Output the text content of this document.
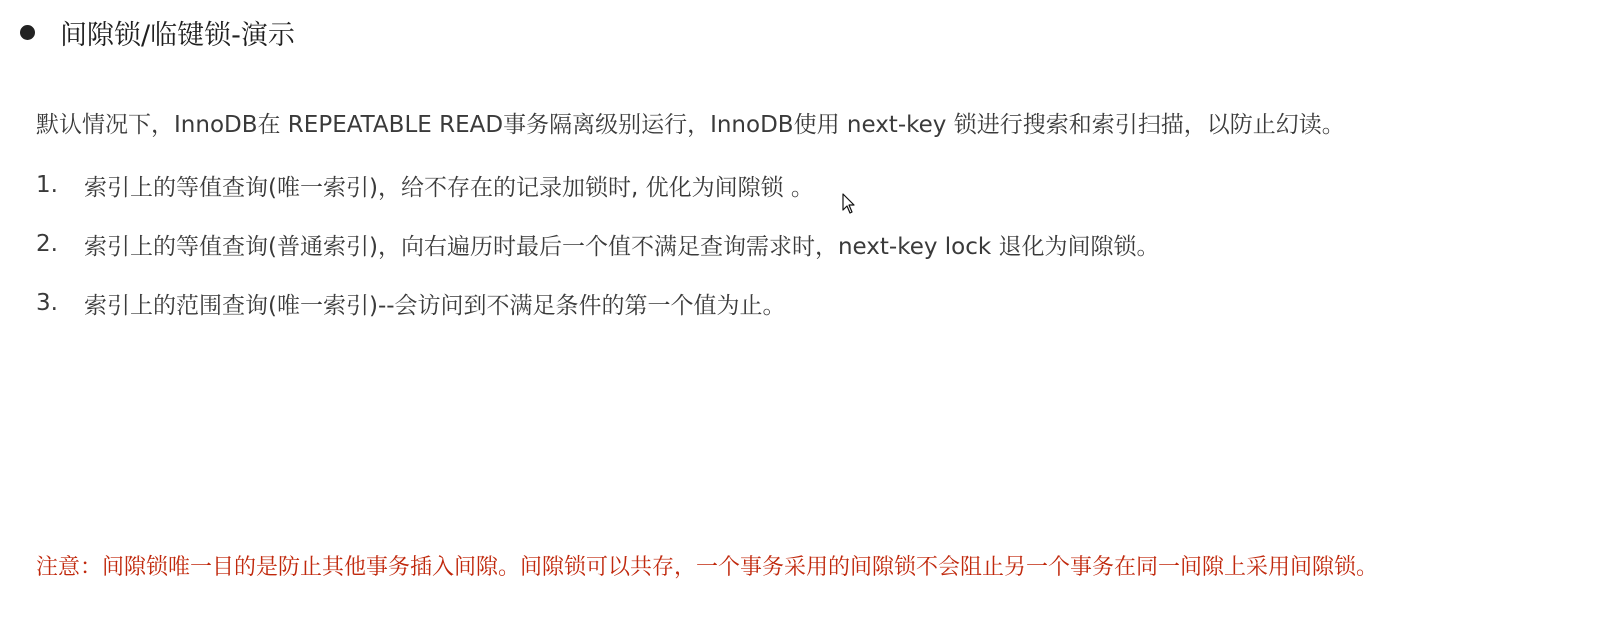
间隙锁/临键锁-演示
默认情况下，InnoDB在 REPEATABLE READ事务隔离级别运行，InnoDB使用 next-key 锁进行搜索和索引扫描，以防止幻读。
1.	索引上的等值查询(唯一索引)，给不存在的记录加锁时, 优化为间隙锁 。
2.	索引上的等值查询(普通索引)，向右遍历时最后一个值不满足查询需求时，next-key lock 退化为间隙锁。
3.	索引上的范围查询(唯一索引)--会访问到不满足条件的第一个值为止。
注意：间隙锁唯一目的是防止其他事务插入间隙。间隙锁可以共存，一个事务采用的间隙锁不会阻止另一个事务在同一间隙上采用间隙锁。
